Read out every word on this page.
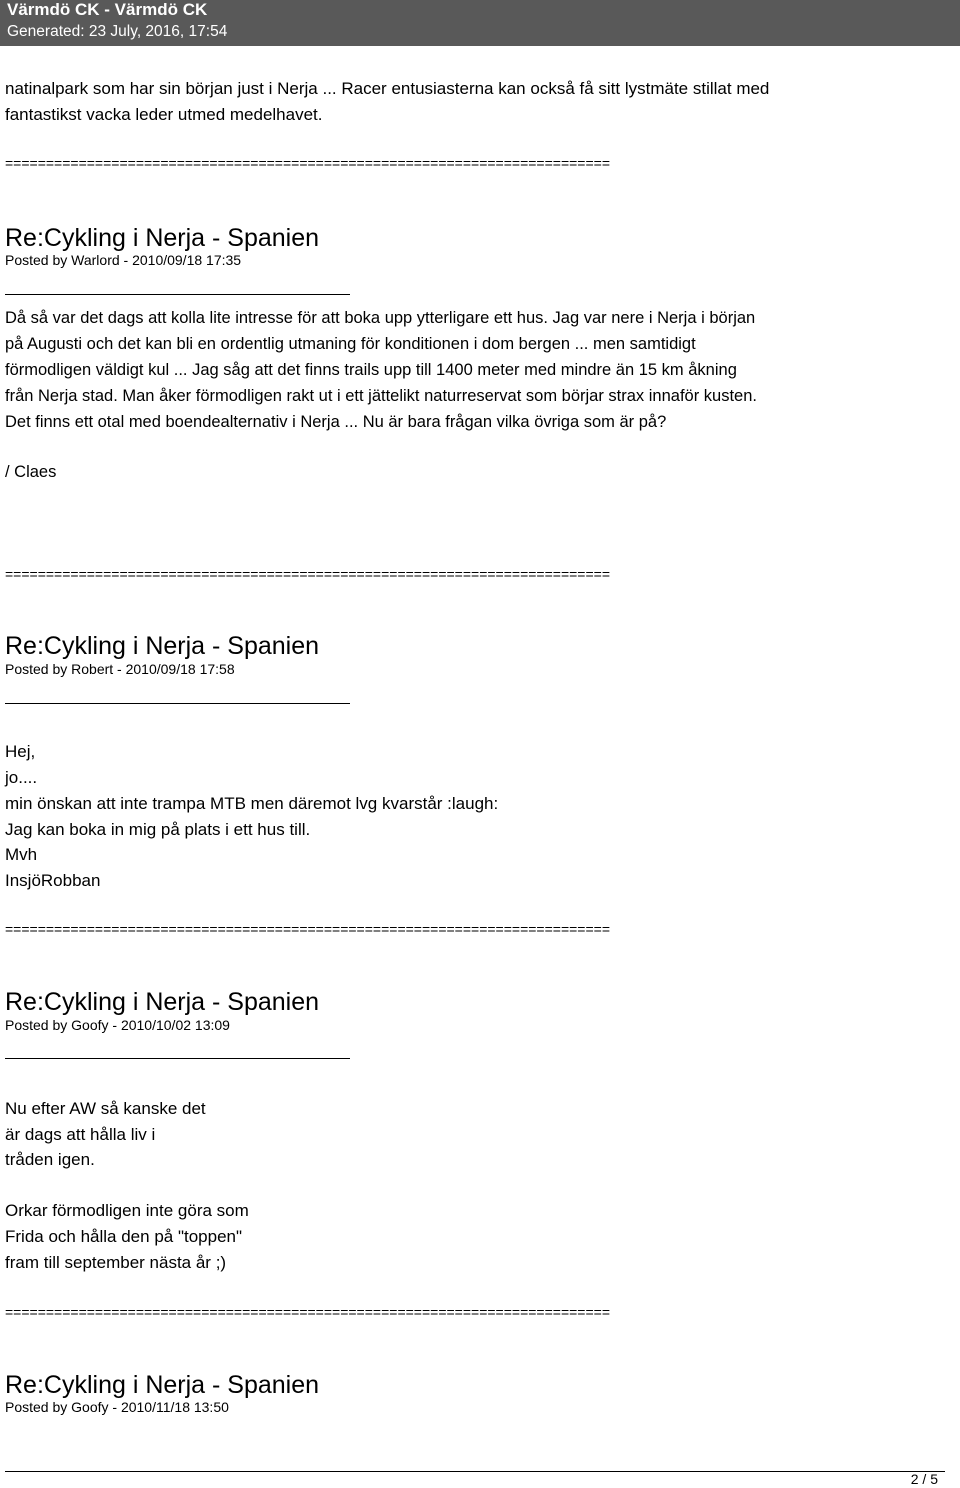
Värmdö CK - Värmdö CK
Generated: 23 July, 2016, 17:54
natinalpark som har sin början just i Nerja ... Racer entusiasterna kan också få sitt lystmäte stillat med
fantastikst vacka leder utmed medelhavet.
==========================================================================
Re:Cykling i Nerja - Spanien
Posted by Warlord - 2010/09/18 17:35
Då så var det dags att kolla lite intresse för att boka upp ytterligare ett hus. Jag var nere i Nerja i början
på Augusti och det kan bli en ordentlig utmaning för konditionen i dom bergen ... men samtidigt
förmodligen väldigt kul ... Jag såg att det finns trails upp till 1400 meter med mindre än 15 km åkning
från Nerja stad. Man åker förmodligen rakt ut i ett jättelikt naturreservat som börjar strax innaför kusten.
Det finns ett otal med boendealternativ i Nerja ... Nu är bara frågan vilka övriga som är på?
/ Claes
==========================================================================
Re:Cykling i Nerja - Spanien
Posted by Robert - 2010/09/18 17:58
Hej,
jo....
min önskan att inte trampa MTB men däremot lvg kvarstår :laugh:
Jag kan boka in mig på plats i ett hus till.
Mvh
InsjöRobban
==========================================================================
Re:Cykling i Nerja - Spanien
Posted by Goofy - 2010/10/02 13:09
Nu efter AW så kanske det
är dags att hålla liv i
tråden igen.
Orkar förmodligen inte göra som
Frida och hålla den på "toppen"
fram till september nästa år ;)
==========================================================================
Re:Cykling i Nerja - Spanien
Posted by Goofy - 2010/11/18 13:50
2 / 5
